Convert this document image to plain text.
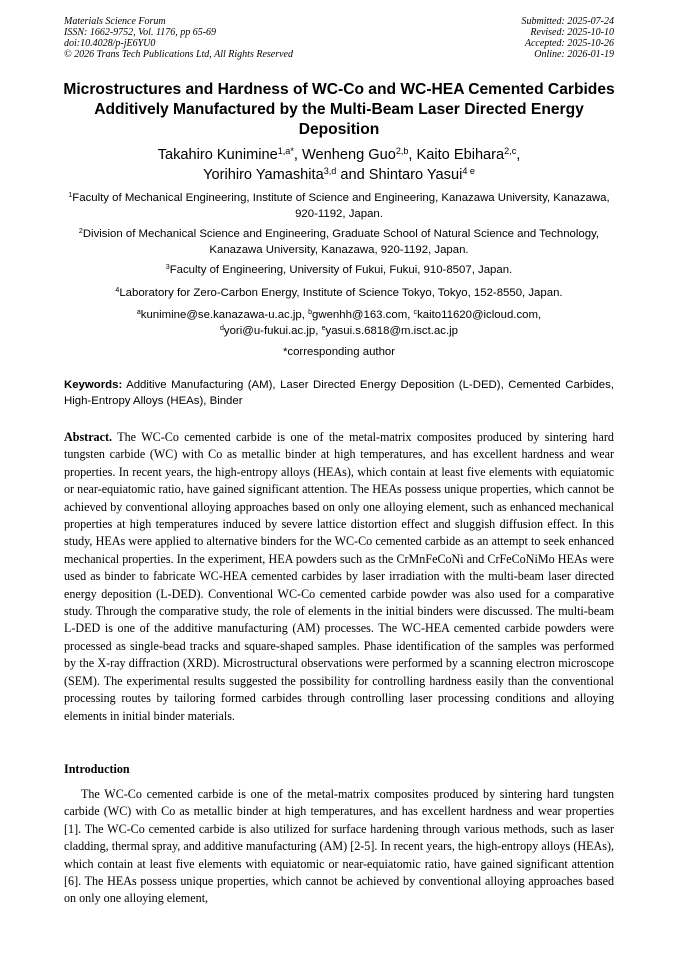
Materials Science Forum
ISSN: 1662-9752, Vol. 1176, pp 65-69
doi:10.4028/p-jE6YU0
© 2026 Trans Tech Publications Ltd, All Rights Reserved
Submitted: 2025-07-24
Revised: 2025-10-10
Accepted: 2025-10-26
Online: 2026-01-19
Microstructures and Hardness of WC-Co and WC-HEA Cemented Carbides Additively Manufactured by the Multi-Beam Laser Directed Energy Deposition
Takahiro Kunimine$^{1,a*}$, Wenheng Guo$^{2,b}$, Kaito Ebihara$^{2,c}$,
Yorihiro Yamashita$^{3,d}$ and Shintaro Yasui$^{4 e}$
$^1$Faculty of Mechanical Engineering, Institute of Science and Engineering, Kanazawa University, Kanazawa, 920-1192, Japan.
$^2$Division of Mechanical Science and Engineering, Graduate School of Natural Science and Technology, Kanazawa University, Kanazawa, 920-1192, Japan.
$^3$Faculty of Engineering, University of Fukui, Fukui, 910-8507, Japan.
$^4$Laboratory for Zero-Carbon Energy, Institute of Science Tokyo, Tokyo, 152-8550, Japan.
$^a$kunimine@se.kanazawa-u.ac.jp, $^b$gwenhh@163.com, $^c$kaito11620@icloud.com,
$^d$yori@u-fukui.ac.jp, $^e$yasui.s.6818@m.isct.ac.jp
*corresponding author
Keywords: Additive Manufacturing (AM), Laser Directed Energy Deposition (L-DED), Cemented Carbides, High-Entropy Alloys (HEAs), Binder
Abstract. The WC-Co cemented carbide is one of the metal-matrix composites produced by sintering hard tungsten carbide (WC) with Co as metallic binder at high temperatures, and has excellent hardness and wear properties. In recent years, the high-entropy alloys (HEAs), which contain at least five elements with equiatomic or near-equiatomic ratio, have gained significant attention. The HEAs possess unique properties, which cannot be achieved by conventional alloying approaches based on only one alloying element, such as enhanced mechanical properties at high temperatures induced by severe lattice distortion effect and sluggish diffusion effect. In this study, HEAs were applied to alternative binders for the WC-Co cemented carbide as an attempt to seek enhanced mechanical properties. In the experiment, HEA powders such as the CrMnFeCoNi and CrFeCoNiMo HEAs were used as binder to fabricate WC-HEA cemented carbides by laser irradiation with the multi-beam laser directed energy deposition (L-DED). Conventional WC-Co cemented carbide powder was also used for a comparative study. Through the comparative study, the role of elements in the initial binders were discussed. The multi-beam L-DED is one of the additive manufacturing (AM) processes. The WC-HEA cemented carbide powders were processed as single-bead tracks and square-shaped samples. Phase identification of the samples was performed by the X-ray diffraction (XRD). Microstructural observations were performed by a scanning electron microscope (SEM). The experimental results suggested the possibility for controlling hardness easily than the conventional processing routes by tailoring formed carbides through controlling laser processing conditions and alloying elements in initial binder materials.
Introduction

The WC-Co cemented carbide is one of the metal-matrix composites produced by sintering hard tungsten carbide (WC) with Co as metallic binder at high temperatures, and has excellent hardness and wear properties [1]. The WC-Co cemented carbide is also utilized for surface hardening through various methods, such as laser cladding, thermal spray, and additive manufacturing (AM) [2-5]. In recent years, the high-entropy alloys (HEAs), which contain at least five elements with equiatomic or near-equiatomic ratio, have gained significant attention [6]. The HEAs possess unique properties, which cannot be achieved by conventional alloying approaches based on only one alloying element,
